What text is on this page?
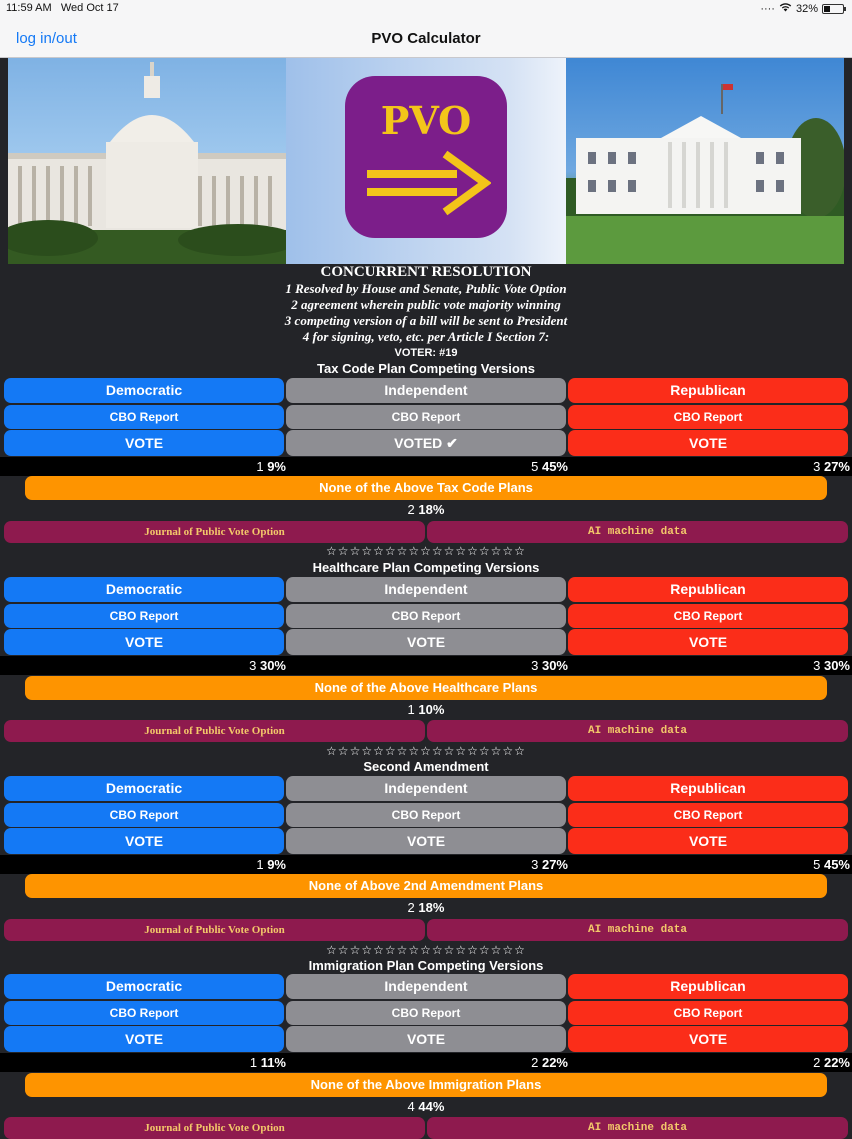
11:59 AM Wed Oct 17	···· 32%
log in/out	PVO Calculator
PVO
CONCURRENT RESOLUTION
1 Resolved by House and Senate, Public Vote Option
2 agreement wherein public vote majority winning
3 competing version of a bill will be sent to President
4 for signing, veto, etc. per Article I Section 7:
VOTER: #19
Tax Code Plan Competing Versions
Democratic	Independent	Republican
CBO Report	CBO Report	CBO Report
VOTE	VOTED ✔	VOTE
1 9%	5 45%	3 27%
None of the Above Tax Code Plans
2 18%
Journal of Public Vote Option	AI machine data
☆☆☆☆☆☆☆☆☆☆☆☆☆☆☆☆☆
Healthcare Plan Competing Versions
Democratic	Independent	Republican
CBO Report	CBO Report	CBO Report
VOTE	VOTE	VOTE
3 30%	3 30%	3 30%
None of the Above Healthcare Plans
1 10%
Journal of Public Vote Option	AI machine data
☆☆☆☆☆☆☆☆☆☆☆☆☆☆☆☆☆
Second Amendment
Democratic	Independent	Republican
CBO Report	CBO Report	CBO Report
VOTE	VOTE	VOTE
1 9%	3 27%	5 45%
None of Above 2nd Amendment Plans
2 18%
Journal of Public Vote Option	AI machine data
☆☆☆☆☆☆☆☆☆☆☆☆☆☆☆☆☆
Immigration Plan Competing Versions
Democratic	Independent	Republican
CBO Report	CBO Report	CBO Report
VOTE	VOTE	VOTE
1 11%	2 22%	2 22%
None of the Above Immigration Plans
4 44%
Journal of Public Vote Option	AI machine data
